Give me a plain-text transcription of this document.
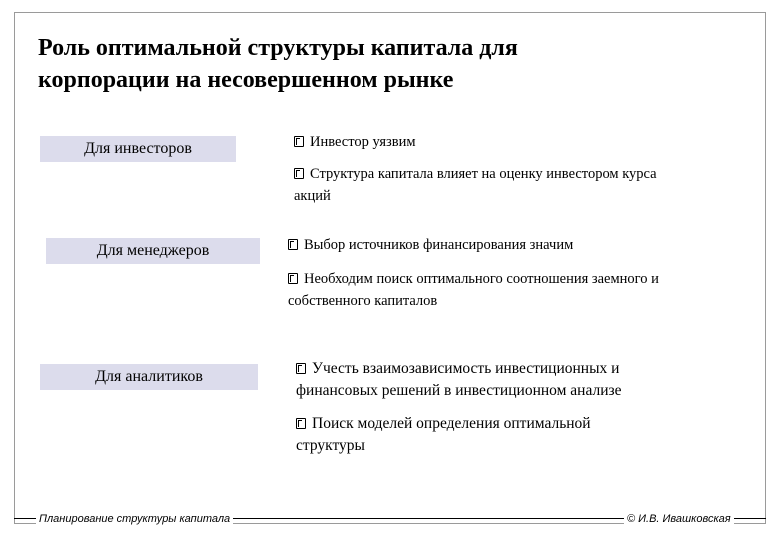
Роль оптимальной структуры капитала для
корпорации на несовершенном рынке
Для инвесторов	Инвестор уязвим
Структура капитала влияет на оценку инвестором курса
акций
Для менеджеров	Выбор источников финансирования значим
Необходим поиск оптимального соотношения заемного и
собственного капиталов
Для аналитиков	Учесть взаимозависимость инвестиционных и
финансовых решений в инвестиционном анализе
Поиск моделей определения оптимальной
структуры
Планирование структуры капитала	© И.В. Ивашковская
